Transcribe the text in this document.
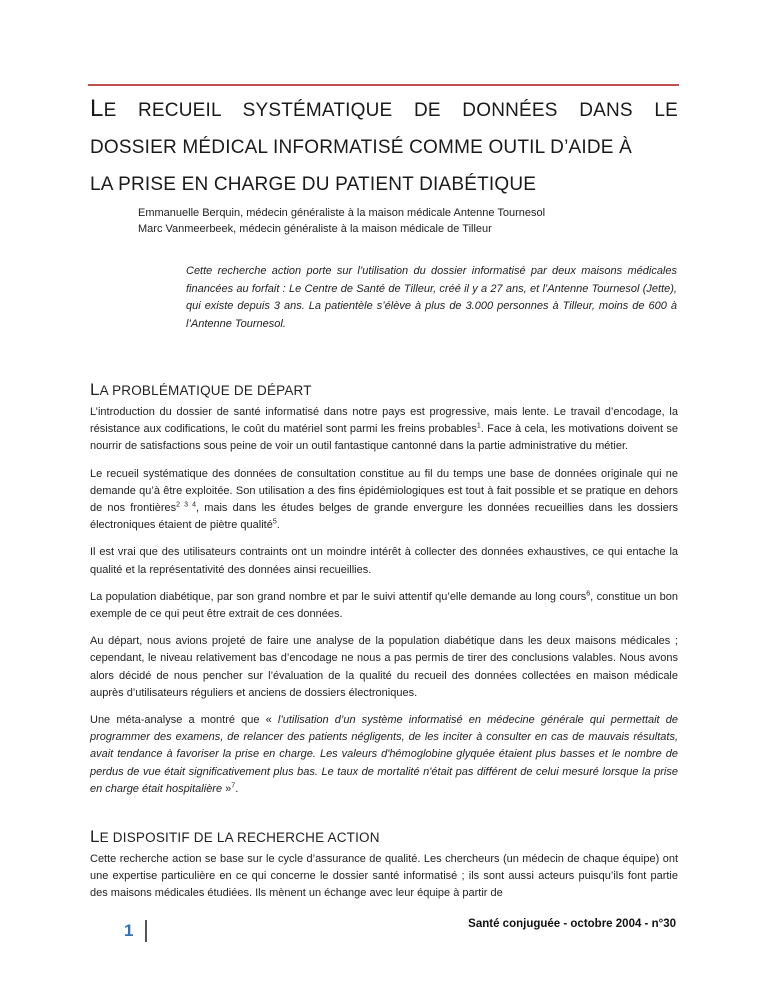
LE RECUEIL SYSTÉMATIQUE DE DONNÉES DANS LE
DOSSIER MÉDICAL INFORMATISÉ COMME OUTIL D’AIDE À
LA PRISE EN CHARGE DU PATIENT DIABÉTIQUE
Emmanuelle Berquin, médecin généraliste à la maison médicale Antenne Tournesol
Marc Vanmeerbeek, médecin généraliste à la maison médicale de Tilleur

Cette recherche action porte sur l’utilisation du dossier informatisé par deux maisons médicales financées au forfait : Le Centre de Santé de Tilleur, créé il y a 27 ans, et l’Antenne Tournesol (Jette), qui existe depuis 3 ans. La patientèle s’élève à plus de 3.000 personnes à Tilleur, moins de 600 à l’Antenne Tournesol.

LA PROBLÉMATIQUE DE DÉPART

L’introduction du dossier de santé informatisé dans notre pays est progressive, mais lente. Le travail d’encodage, la résistance aux codifications, le coût du matériel sont parmi les freins probables$^1$. Face à cela, les motivations doivent se nourrir de satisfactions sous peine de voir un outil fantastique cantonné dans la partie administrative du métier.

Le recueil systématique des données de consultation constitue au fil du temps une base de données originale qui ne demande qu’à être exploitée. Son utilisation a des fins épidémiologiques est tout à fait possible et se pratique en dehors de nos frontières$^{2 3 4}$, mais dans les études belges de grande envergure les données recueillies dans les dossiers électroniques étaient de piètre qualité$^5$.

Il est vrai que des utilisateurs contraints ont un moindre intérêt à collecter des données exhaustives, ce qui entache la qualité et la représentativité des données ainsi recueillies.

La population diabétique, par son grand nombre et par le suivi attentif qu’elle demande au long cours$^6$, constitue un bon exemple de ce qui peut être extrait de ces données.

Au départ, nous avions projeté de faire une analyse de la population diabétique dans les deux maisons médicales ; cependant, le niveau relativement bas d’encodage ne nous a pas permis de tirer des conclusions valables. Nous avons alors décidé de nous pencher sur l’évaluation de la qualité du recueil des données collectées en maison médicale auprès d’utilisateurs réguliers et anciens de dossiers électroniques.

Une méta-analyse a montré que « l’utilisation d’un système informatisé en médecine générale qui permettait de programmer des examens, de relancer des patients négligents, de les inciter à consulter en cas de mauvais résultats, avait tendance à favoriser la prise en charge. Les valeurs d'hémoglobine glyquée étaient plus basses et le nombre de perdus de vue était significativement plus bas. Le taux de mortalité n'était pas différent de celui mesuré lorsque la prise en charge était hospitalière »$^7$.

LE DISPOSITIF DE LA RECHERCHE ACTION

Cette recherche action se base sur le cycle d’assurance de qualité. Les chercheurs (un médecin de chaque équipe) ont une expertise particulière en ce qui concerne le dossier santé informatisé ; ils sont aussi acteurs puisqu’ils font partie des maisons médicales étudiées. Ils mènent un échange avec leur équipe à partir de

1	Santé conjuguée - octobre 2004 - n°30
